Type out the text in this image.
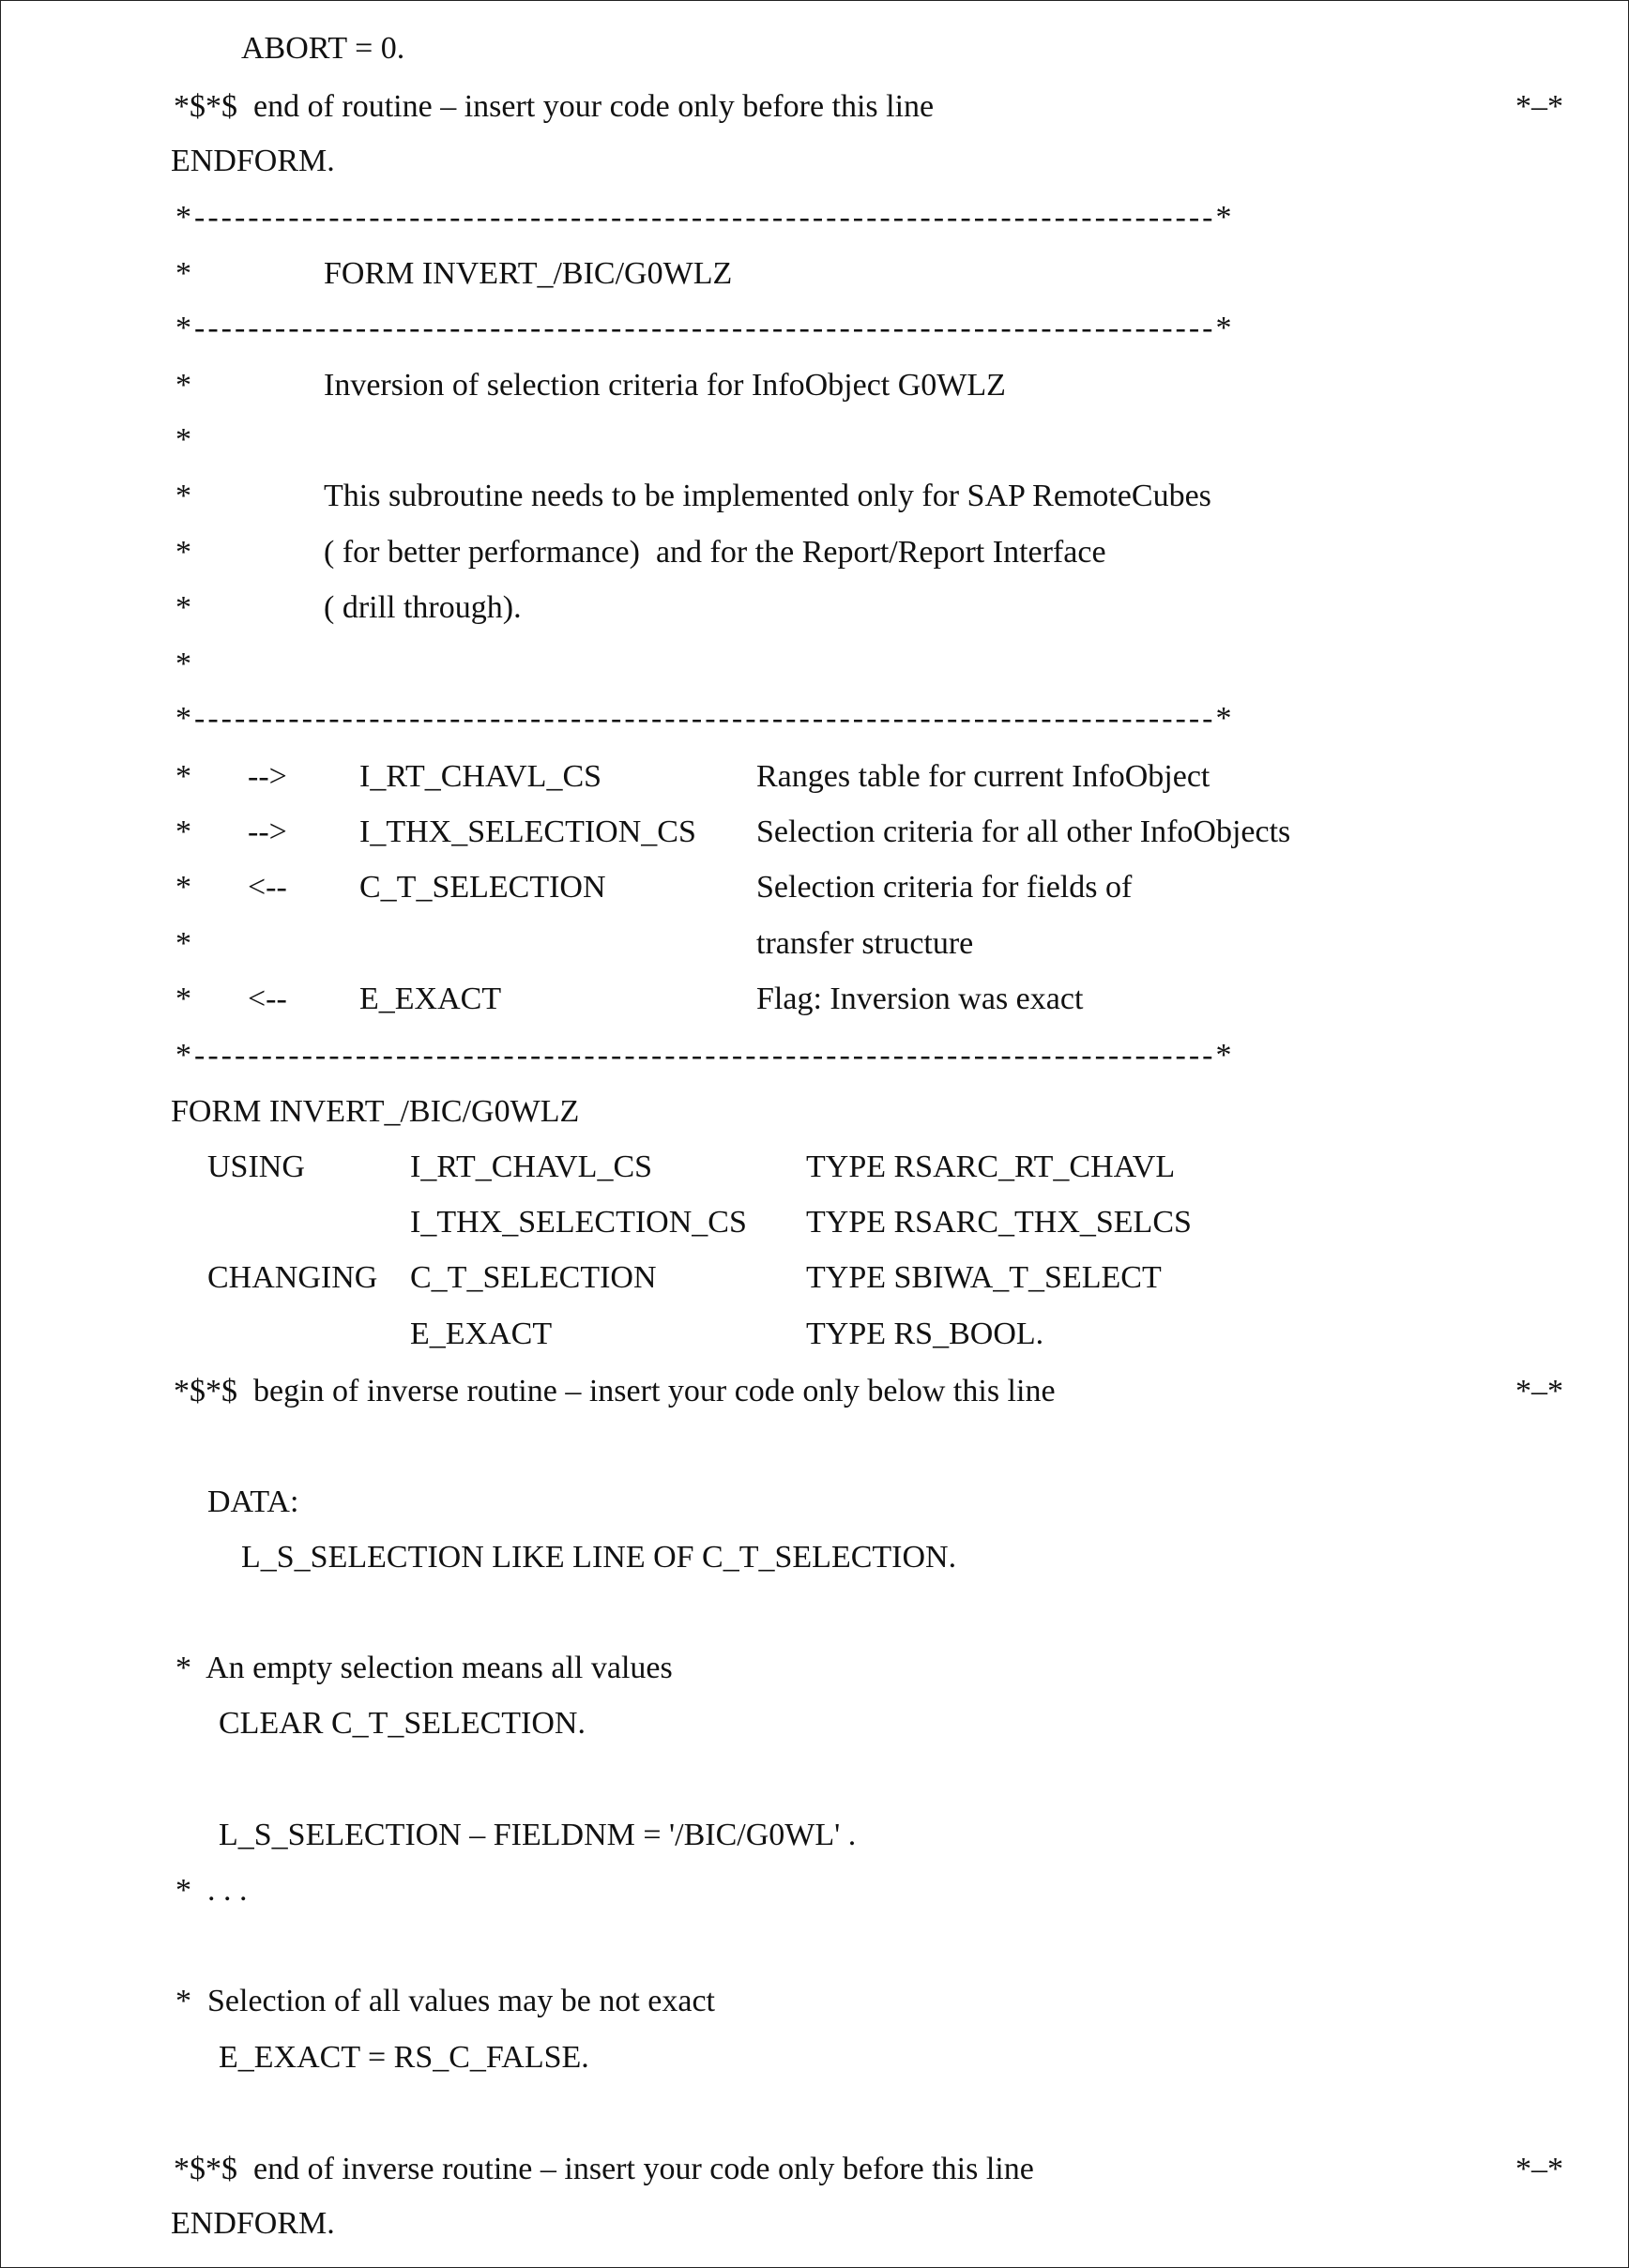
ABORT = 0.
*$*$  end of routine – insert your code only before this line	*–*
ENDFORM.
*----------------------------------------------------------------------------*
*	FORM INVERT_/BIC/G0WLZ
*----------------------------------------------------------------------------*
*	Inversion of selection criteria for InfoObject G0WLZ
*
*	This subroutine needs to be implemented only for SAP RemoteCubes
*	( for better performance)  and for the Report/Report Interface
*	( drill through).
*
*----------------------------------------------------------------------------*
* --> I_RT_CHAVL_CS	Ranges table for current InfoObject
* --> I_THX_SELECTION_CS Selection criteria for all other InfoObjects
* <-- C_T_SELECTION	Selection criteria for fields of
*	transfer structure
* <-- E_EXACT	Flag: Inversion was exact
*----------------------------------------------------------------------------*
FORM INVERT_/BIC/G0WLZ
USING	I_RT_CHAVL_CS	TYPE RSARC_RT_CHAVL
I_THX_SELECTION_CS TYPE RSARC_THX_SELCS
CHANGING C_T_SELECTION	TYPE SBIWA_T_SELECT
E_EXACT	TYPE RS_BOOL.
*$*$  begin of inverse routine – insert your code only below this line	*–*
DATA:
L_S_SELECTION LIKE LINE OF C_T_SELECTION.
*  An empty selection means all values
CLEAR C_T_SELECTION.
L_S_SELECTION – FIELDNM = '/BIC/G0WL' .
*  . . .
*  Selection of all values may be not exact
E_EXACT = RS_C_FALSE.
*$*$  end of inverse routine – insert your code only before this line	*–*
ENDFORM.
